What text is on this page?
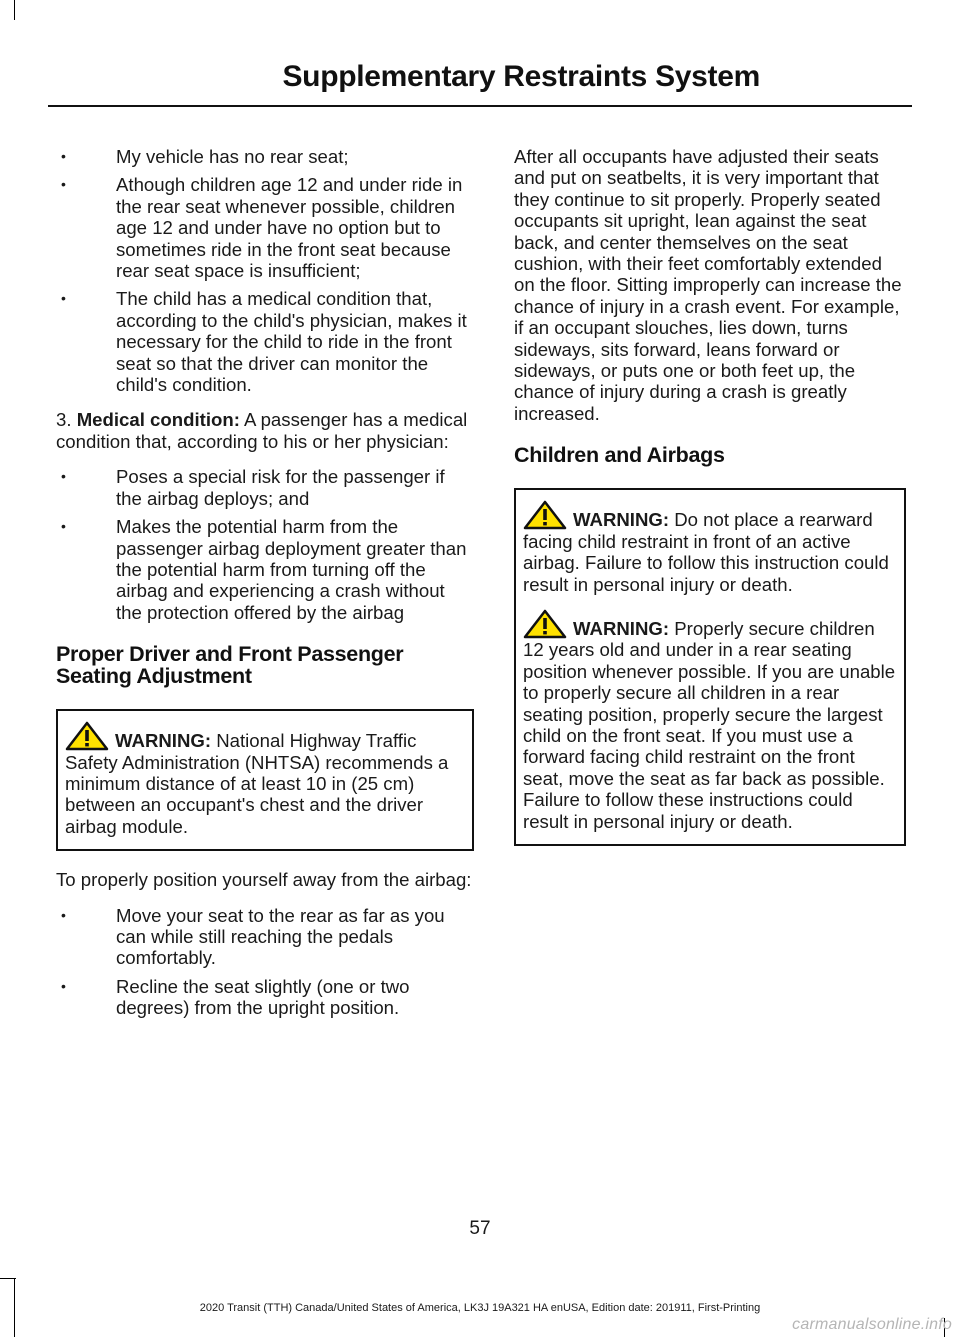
Supplementary Restraints System
• My vehicle has no rear seat;
• Athough children age 12 and under ride in the rear seat whenever possible, children age 12 and under have no option but to sometimes ride in the front seat because rear seat space is insufficient;
• The child has a medical condition that, according to the child's physician, makes it necessary for the child to ride in the front seat so that the driver can monitor the child's condition.

3. Medical condition: A passenger has a medical condition that, according to his or her physician:

• Poses a special risk for the passenger if the airbag deploys; and
• Makes the potential harm from the passenger airbag deployment greater than the potential harm from turning off the airbag and experiencing a crash without the protection offered by the airbag
Proper Driver and Front Passenger Seating Adjustment

WARNING: National Highway Traffic Safety Administration (NHTSA) recommends a minimum distance of at least 10 in (25 cm) between an occupant's chest and the driver airbag module.

To properly position yourself away from the airbag:

• Move your seat to the rear as far as you can while still reaching the pedals comfortably.
• Recline the seat slightly (one or two degrees) from the upright position.

After all occupants have adjusted their seats and put on seatbelts, it is very important that they continue to sit properly. Properly seated occupants sit upright, lean against the seat back, and center themselves on the seat cushion, with their feet comfortably extended on the floor. Sitting improperly can increase the chance of injury in a crash event. For example, if an occupant slouches, lies down, turns sideways, sits forward, leans forward or sideways, or puts one or both feet up, the chance of injury during a crash is greatly increased.

Children and Airbags

WARNING: Do not place a rearward facing child restraint in front of an active airbag. Failure to follow this instruction could result in personal injury or death.

WARNING: Properly secure children 12 years old and under in a rear seating position whenever possible. If you are unable to properly secure all children in a rear seating position, properly secure the largest child on the front seat. If you must use a forward facing child restraint on the front seat, move the seat as far back as possible. Failure to follow these instructions could result in personal injury or death.

57
2020 Transit (TTH) Canada/United States of America, LK3J 19A321 HA enUSA, Edition date: 201911, First-Printing
carmanualsonline.info
